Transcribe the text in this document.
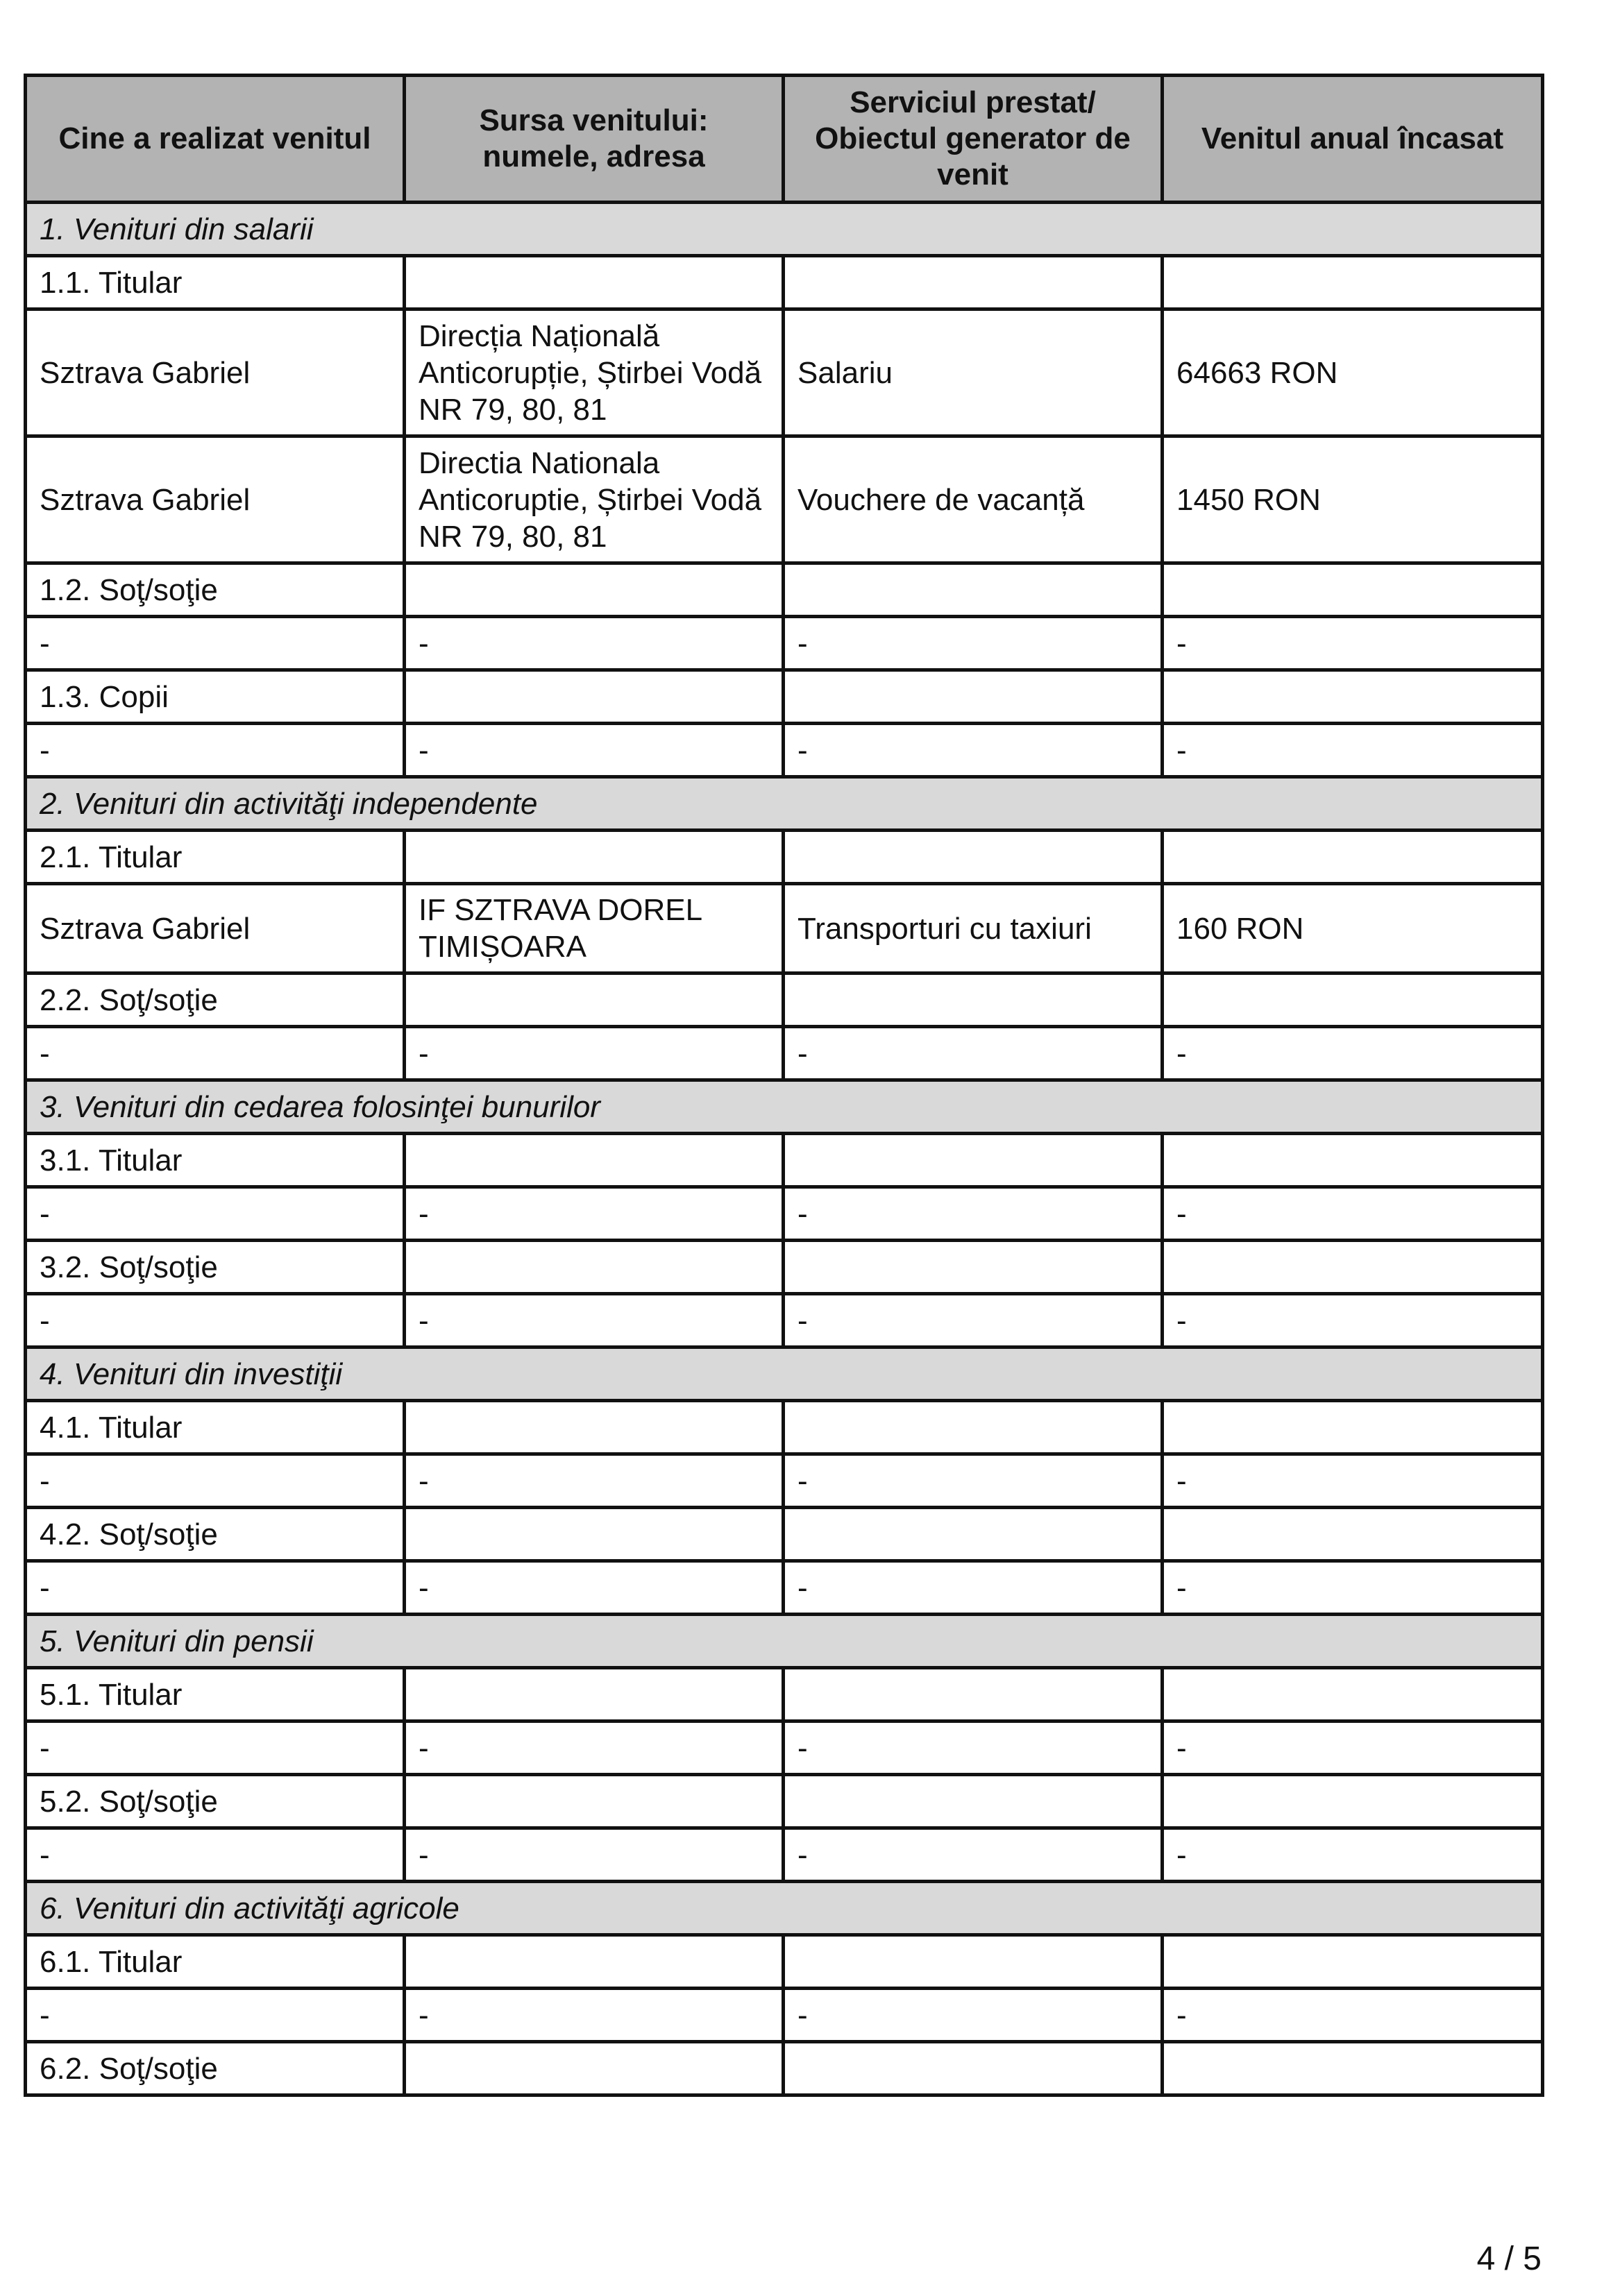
Cine a realizat venitul	Sursa venitului: numele, adresa	Serviciul prestat/ Obiectul generator de venit	Venitul anual încasat
1. Venituri din salarii			
1.1. Titular			
Sztrava Gabriel	Direcția Națională Anticorupție, Știrbei Vodă NR 79, 80, 81	Salariu	64663 RON
Sztrava Gabriel	Directia Nationala Anticoruptie, Știrbei Vodă NR 79, 80, 81	Vouchere de vacanță	1450 RON
1.2. Soţ/soţie			
-	-	-	-
1.3. Copii			
-	-	-	-
2. Venituri din activităţi independente			
2.1. Titular			
Sztrava Gabriel	IF SZTRAVA DOREL TIMIȘOARA	Transporturi cu taxiuri	160 RON
2.2. Soţ/soţie			
-	-	-	-
3. Venituri din cedarea folosinţei bunurilor			
3.1. Titular			
-	-	-	-
3.2. Soţ/soţie			
-	-	-	-
4. Venituri din investiţii			
4.1. Titular			
-	-	-	-
4.2. Soţ/soţie			
-	-	-	-
5. Venituri din pensii			
5.1. Titular			
-	-	-	-
5.2. Soţ/soţie			
-	-	-	-
6. Venituri din activităţi agricole			
6.1. Titular			
-	-	-	-
6.2. Soţ/soţie			
4 / 5
